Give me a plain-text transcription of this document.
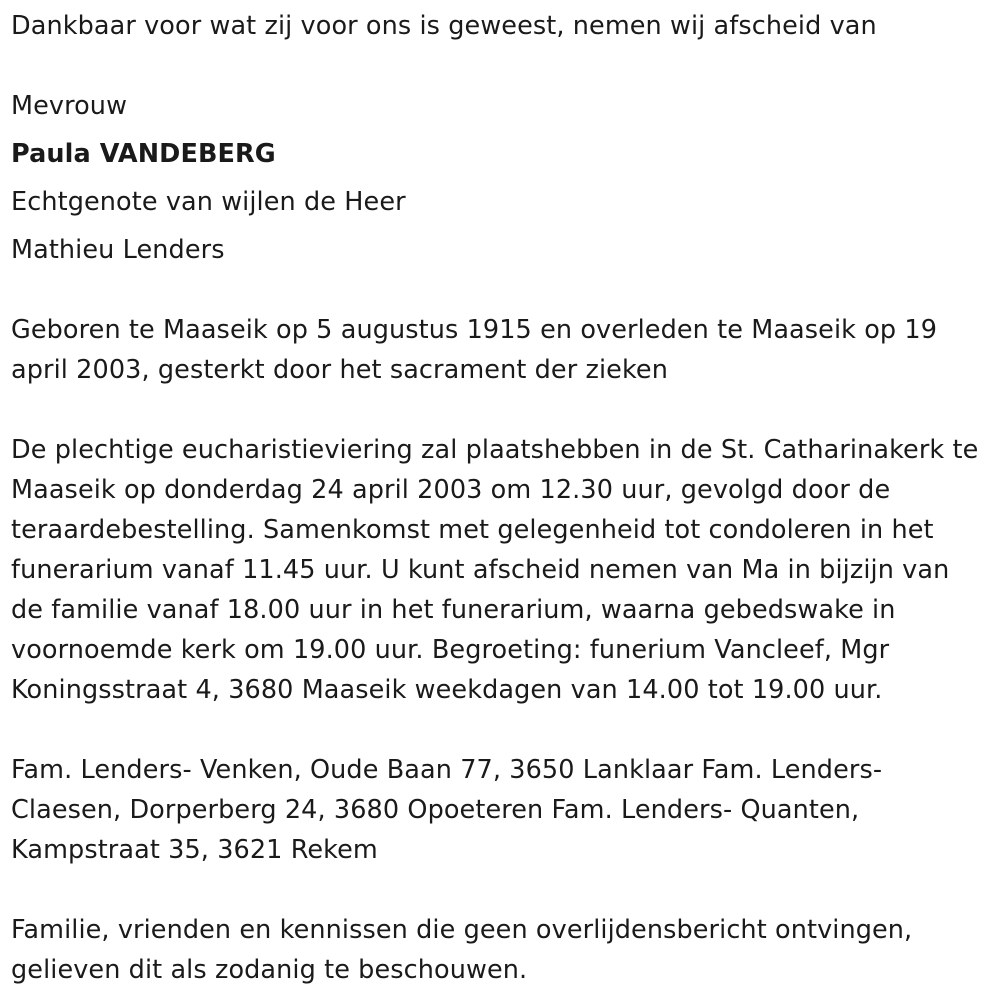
Dankbaar voor wat zij voor ons is geweest, nemen wij afscheid van

Mevrouw

Paula VANDEBERG

Echtgenote van wijlen de Heer

Mathieu Lenders

Geboren te Maaseik op 5 augustus 1915 en overleden te Maaseik op 19 april 2003, gesterkt door het sacrament der zieken

De plechtige eucharistieviering zal plaatshebben in de St. Catharinakerk te Maaseik op donderdag 24 april 2003 om 12.30 uur, gevolgd door de teraardebestelling. Samenkomst met gelegenheid tot condoleren in het funerarium vanaf 11.45 uur. U kunt afscheid nemen van Ma in bijzijn van de familie vanaf 18.00 uur in het funerarium, waarna gebedswake in voornoemde kerk om 19.00 uur. Begroeting: funerium Vancleef, Mgr Koningsstraat 4, 3680 Maaseik weekdagen van 14.00 tot 19.00 uur.

Fam. Lenders- Venken, Oude Baan 77, 3650 Lanklaar Fam. Lenders-Claesen, Dorperberg 24, 3680 Opoeteren Fam. Lenders- Quanten, Kampstraat 35, 3621 Rekem

Familie, vrienden en kennissen die geen overlijdensbericht ontvingen, gelieven dit als zodanig te beschouwen.
